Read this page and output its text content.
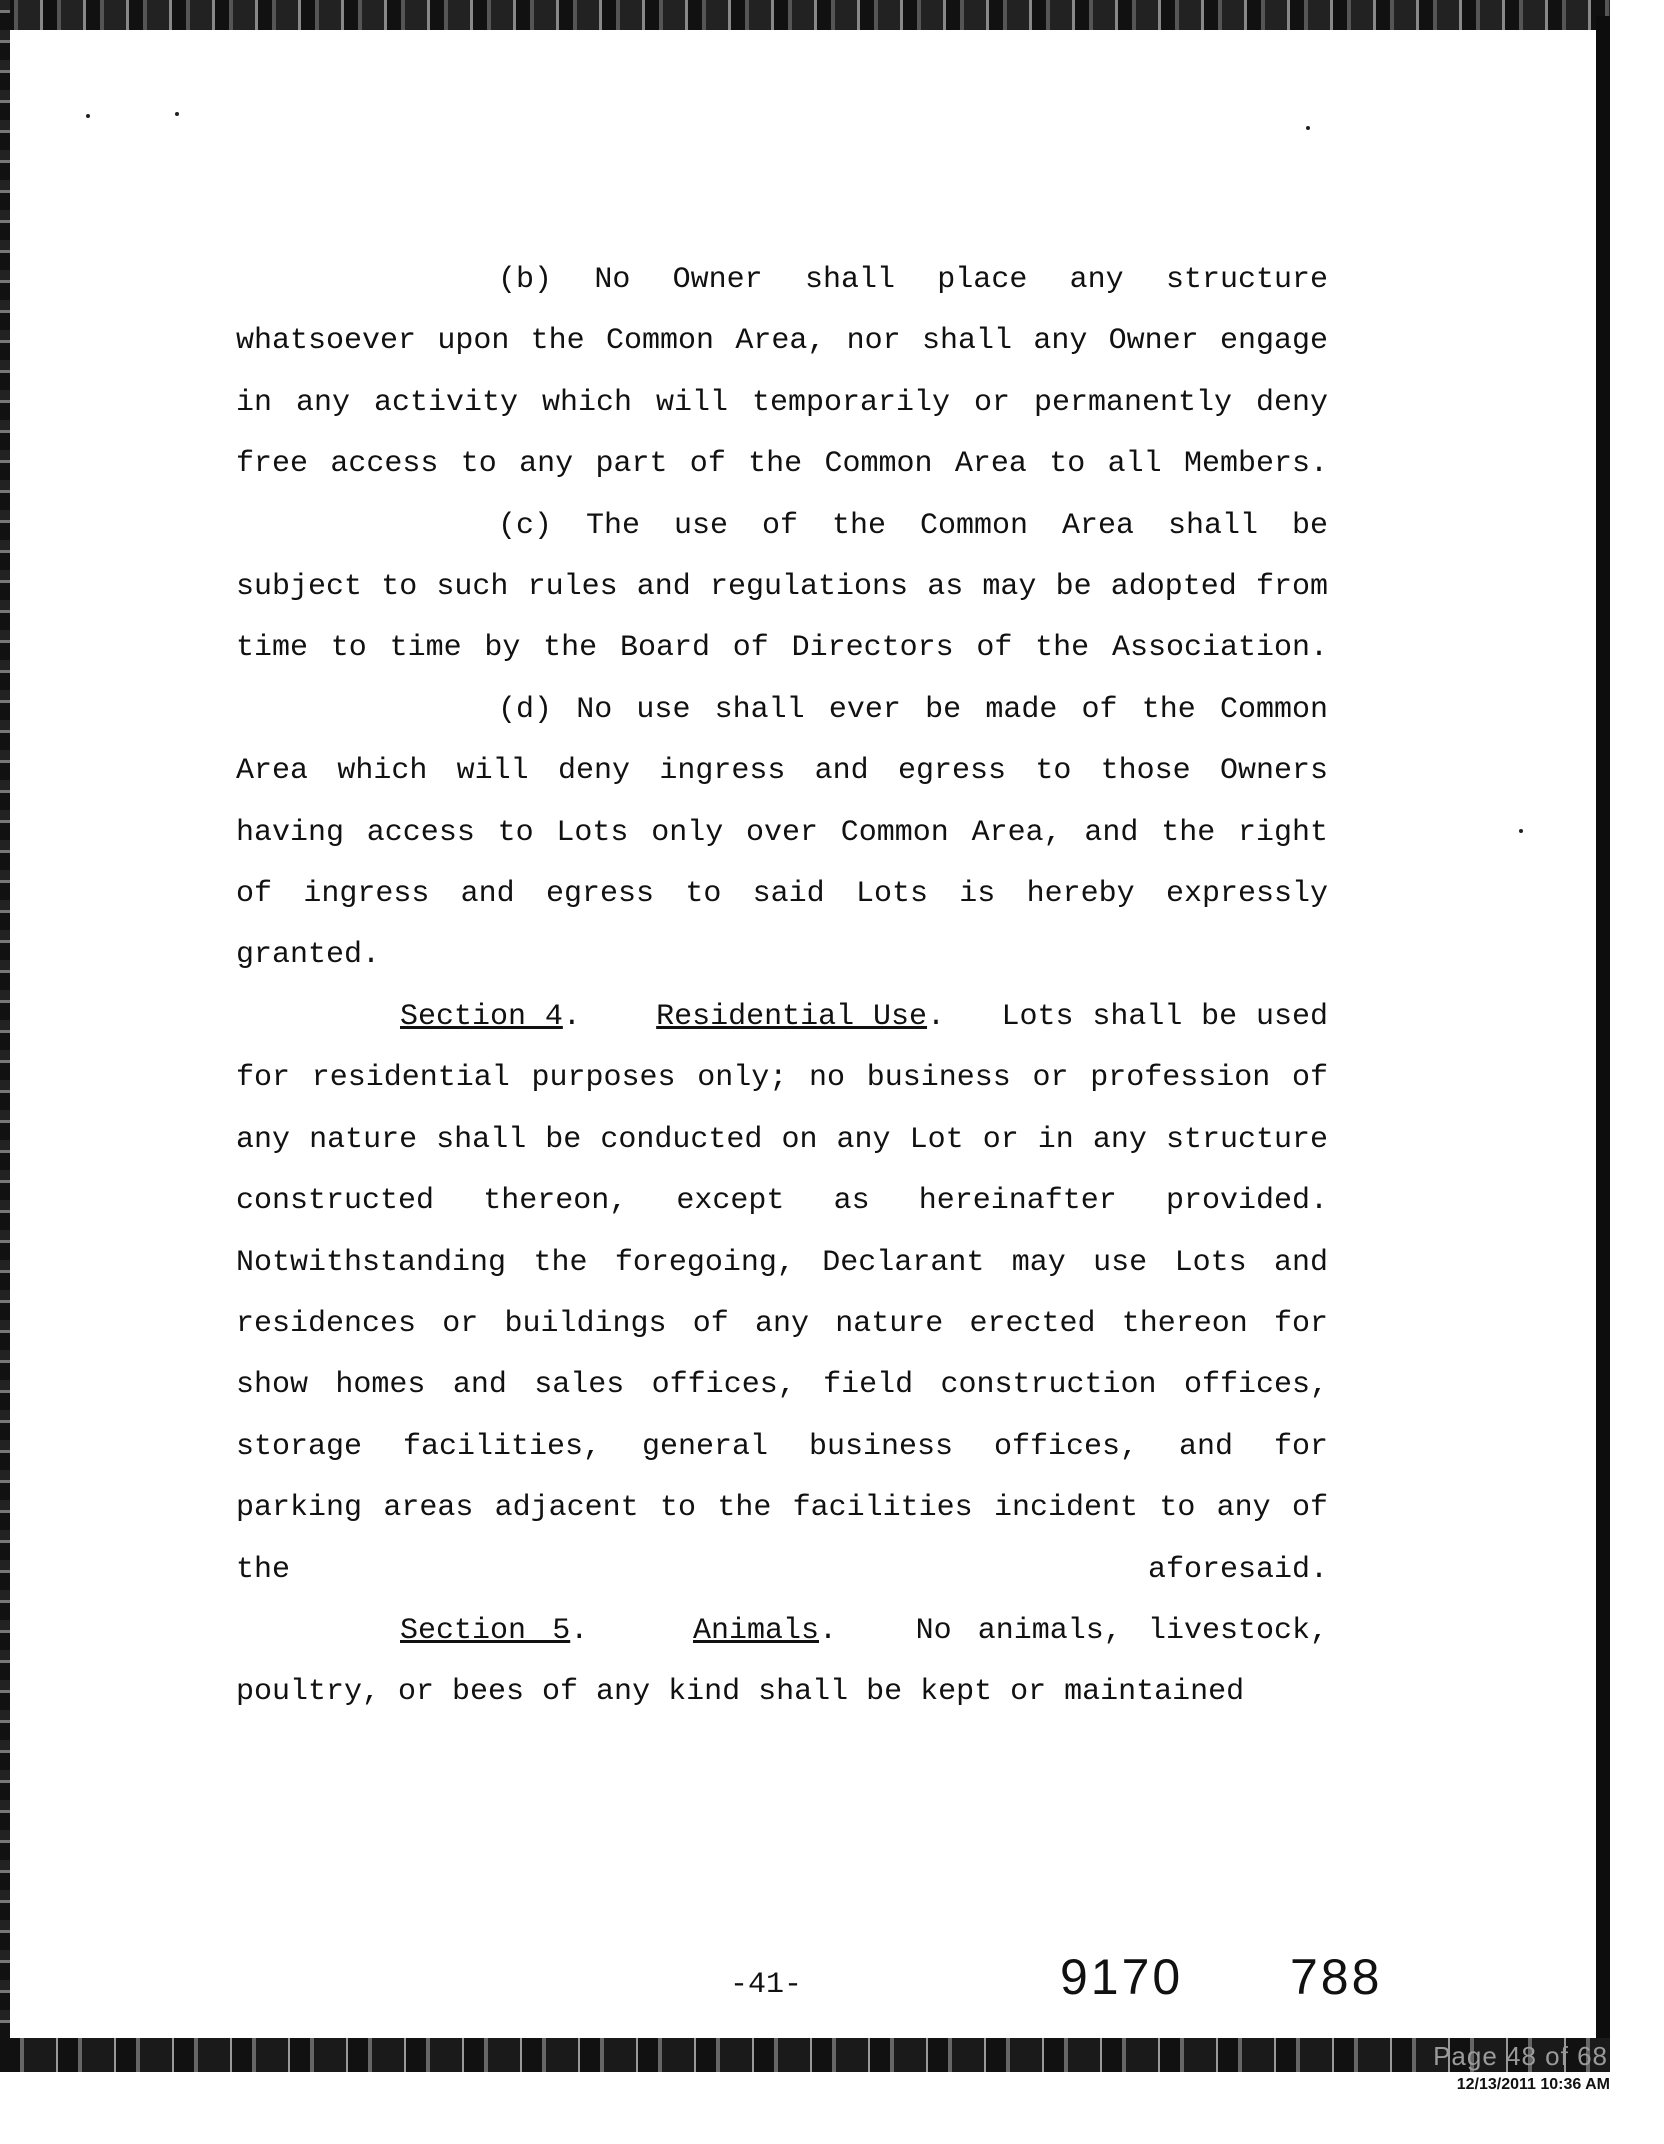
(b) No Owner shall place any structure whatsoever upon the Common Area, nor shall any Owner engage in any activity which will temporarily or permanently deny free access to any part of the Common Area to all Members.

(c) The use of the Common Area shall be subject to such rules and regulations as may be adopted from time to time by the Board of Directors of the Association.

(d) No use shall ever be made of the Common Area which will deny ingress and egress to those Owners having access to Lots only over Common Area, and the right of ingress and egress to said Lots is hereby expressly granted.

Section 4.    Residential Use.   Lots shall be used for residential purposes only; no business or profession of any nature shall be conducted on any Lot or in any structure constructed thereon, except as hereinafter provided. Notwithstanding the foregoing, Declarant may use Lots and residences or buildings of any nature erected thereon for show homes and sales offices, field construction offices, storage facilities, general business offices, and for parking areas adjacent to the facilities incident to any of the aforesaid.

Section 5.    Animals.   No animals, livestock, poultry, or bees of any kind shall be kept or maintained

-41-	9170 788
Page 48 of 68
12/13/2011 10:36 AM
